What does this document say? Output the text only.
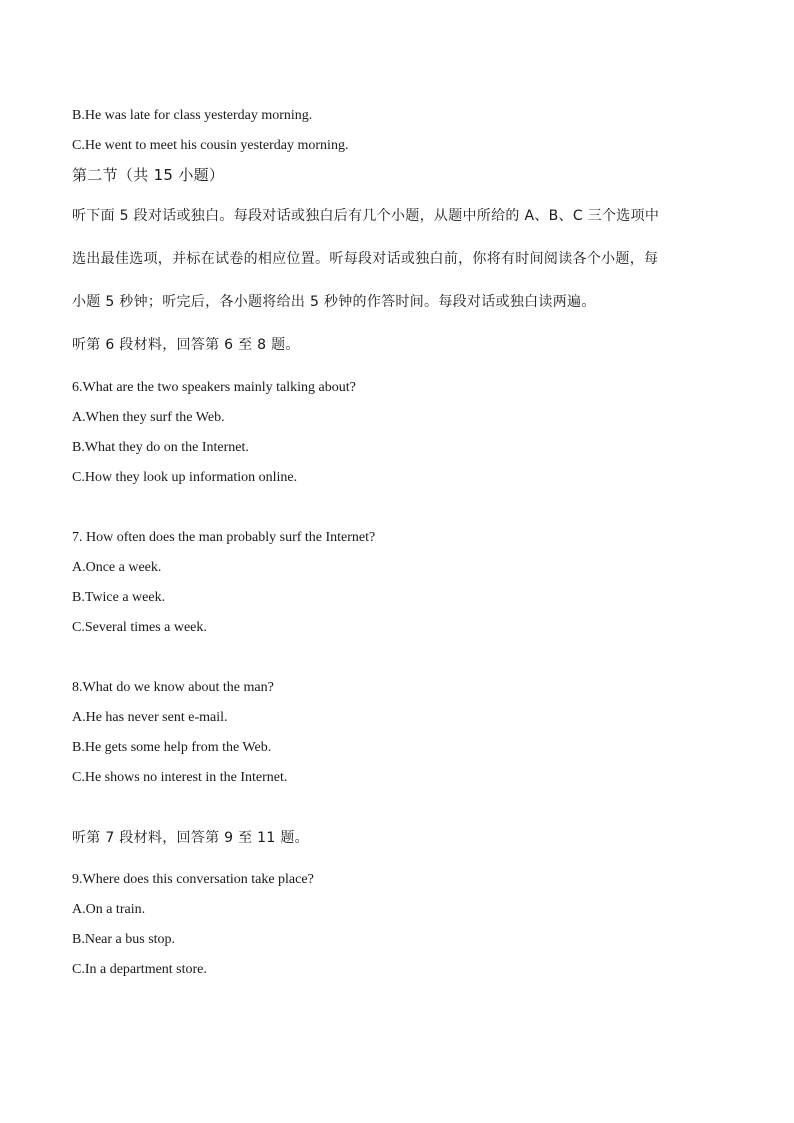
B.He was late for class yesterday morning.
C.He went to meet his cousin yesterday morning.
第二节（共 15 小题）
听下面 5 段对话或独白。每段对话或独白后有几个小题，从题中所给的 A、B、C 三个选项中
选出最佳选项，并标在试卷的相应位置。听每段对话或独白前，你将有时间阅读各个小题，每
小题 5 秒钟；听完后，各小题将给出 5 秒钟的作答时间。每段对话或独白读两遍。
听第 6 段材料，回答第 6 至 8 题。
6.What are the two speakers mainly talking about?
A.When they surf the Web.
B.What they do on the Internet.
C.How they look up information online.
7. How often does the man probably surf the Internet?
A.Once a week.
B.Twice a week.
C.Several times a week.
8.What do we know about the man?
A.He has never sent e-mail.
B.He gets some help from the Web.
C.He shows no interest in the Internet.
听第 7 段材料，回答第 9 至 11 题。
9.Where does this conversation take place?
A.On a train.
B.Near a bus stop.
C.In a department store.
